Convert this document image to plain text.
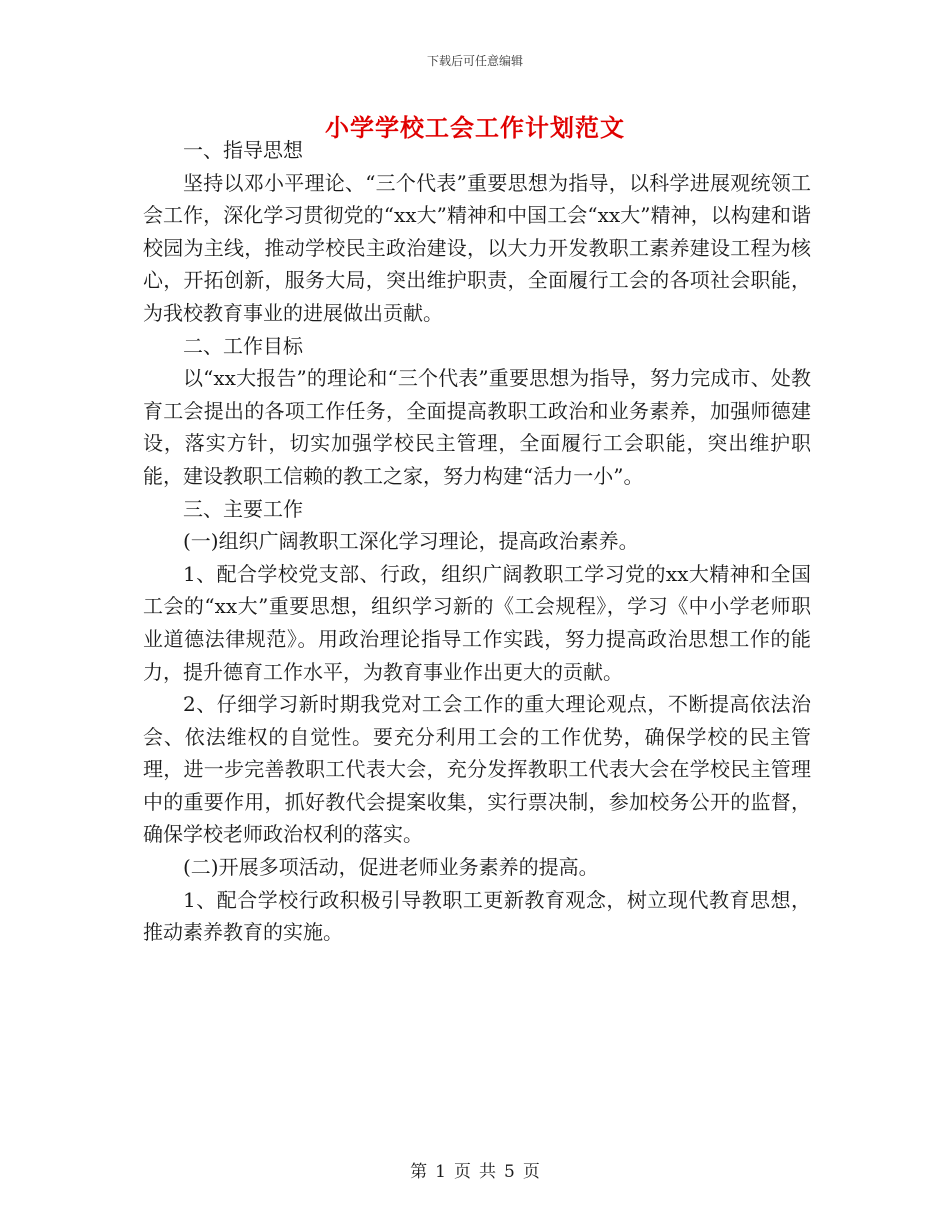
下载后可任意编辑
小学学校工会工作计划范文

一、指导思想

坚持以邓小平理论、“三个代表”重要思想为指导，以科学进展观统领工会工作，深化学习贯彻党的“xx大”精神和中国工会“xx大”精神，以构建和谐校园为主线，推动学校民主政治建设，以大力开发教职工素养建设工程为核心，开拓创新，服务大局，突出维护职责，全面履行工会的各项社会职能，为我校教育事业的进展做出贡献。

二、工作目标

以“xx大报告”的理论和“三个代表”重要思想为指导，努力完成市、处教育工会提出的各项工作任务，全面提高教职工政治和业务素养，加强师德建设，落实方针，切实加强学校民主管理，全面履行工会职能，突出维护职能，建设教职工信赖的教工之家，努力构建“活力一小”。

三、主要工作

(一)组织广阔教职工深化学习理论，提高政治素养。

1、配合学校党支部、行政，组织广阔教职工学习党的xx大精神和全国工会的“xx大”重要思想，组织学习新的《工会规程》，学习《中小学老师职业道德法律规范》。用政治理论指导工作实践，努力提高政治思想工作的能力，提升德育工作水平，为教育事业作出更大的贡献。

2、仔细学习新时期我党对工会工作的重大理论观点，不断提高依法治会、依法维权的自觉性。要充分利用工会的工作优势，确保学校的民主管理，进一步完善教职工代表大会，充分发挥教职工代表大会在学校民主管理中的重要作用，抓好教代会提案收集，实行票决制，参加校务公开的监督，确保学校老师政治权利的落实。

(二)开展多项活动，促进老师业务素养的提高。

1、配合学校行政积极引导教职工更新教育观念，树立现代教育思想，推动素养教育的实施。

第 1 页 共 5 页
